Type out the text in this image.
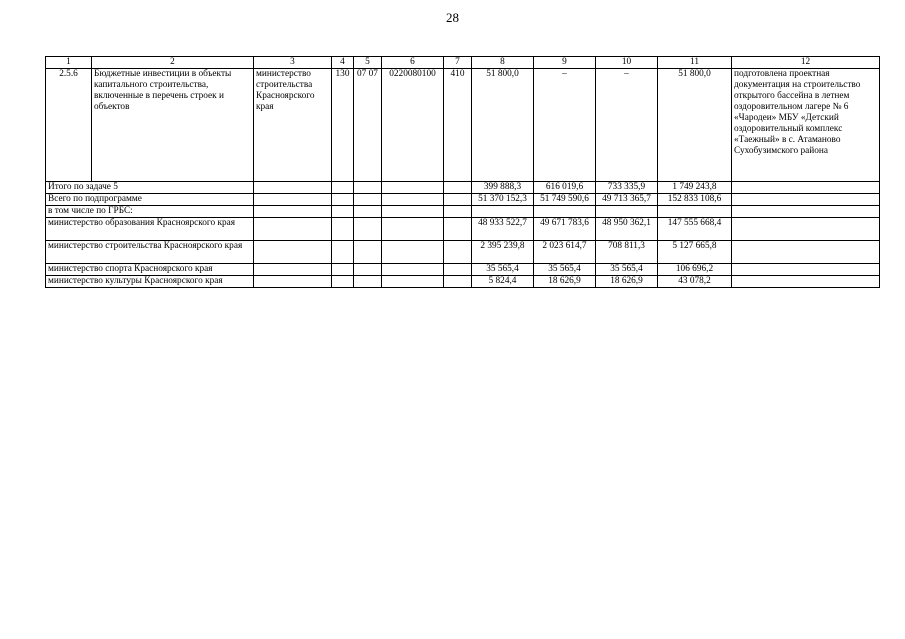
28
1	2	3	4	5	6	7	8	9	10	11	12
2.5.6	Бюджетные инвестиции в объекты капитального строительства, включенные в перечень строек и объектов	министерство строительства Красноярского края	130	07 07	0220080100	410	51 800,0	–	–	51 800,0	подготовлена проектная документация на строительство открытого бассейна в летнем оздоровительном лагере № 6 «Чародеи» МБУ «Детский оздоровительный комплекс «Таежный» в с. Атаманово Сухобузимского района
Итого по задаче 5							399 888,3	616 019,6	733 335,9	1 749 243,8	
Всего по подпрограмме							51 370 152,3	51 749 590,6	49 713 365,7	152 833 108,6	
в том числе по ГРБС:											
министерство образования Красноярского края							48 933 522,7	49 671 783,6	48 950 362,1	147 555 668,4	
министерство строительства Красноярского края							2 395 239,8	2 023 614,7	708 811,3	5 127 665,8	
министерство спорта Красноярского края							35 565,4	35 565,4	35 565,4	106 696,2	
министерство культуры Красноярского края							5 824,4	18 626,9	18 626,9	43 078,2	
